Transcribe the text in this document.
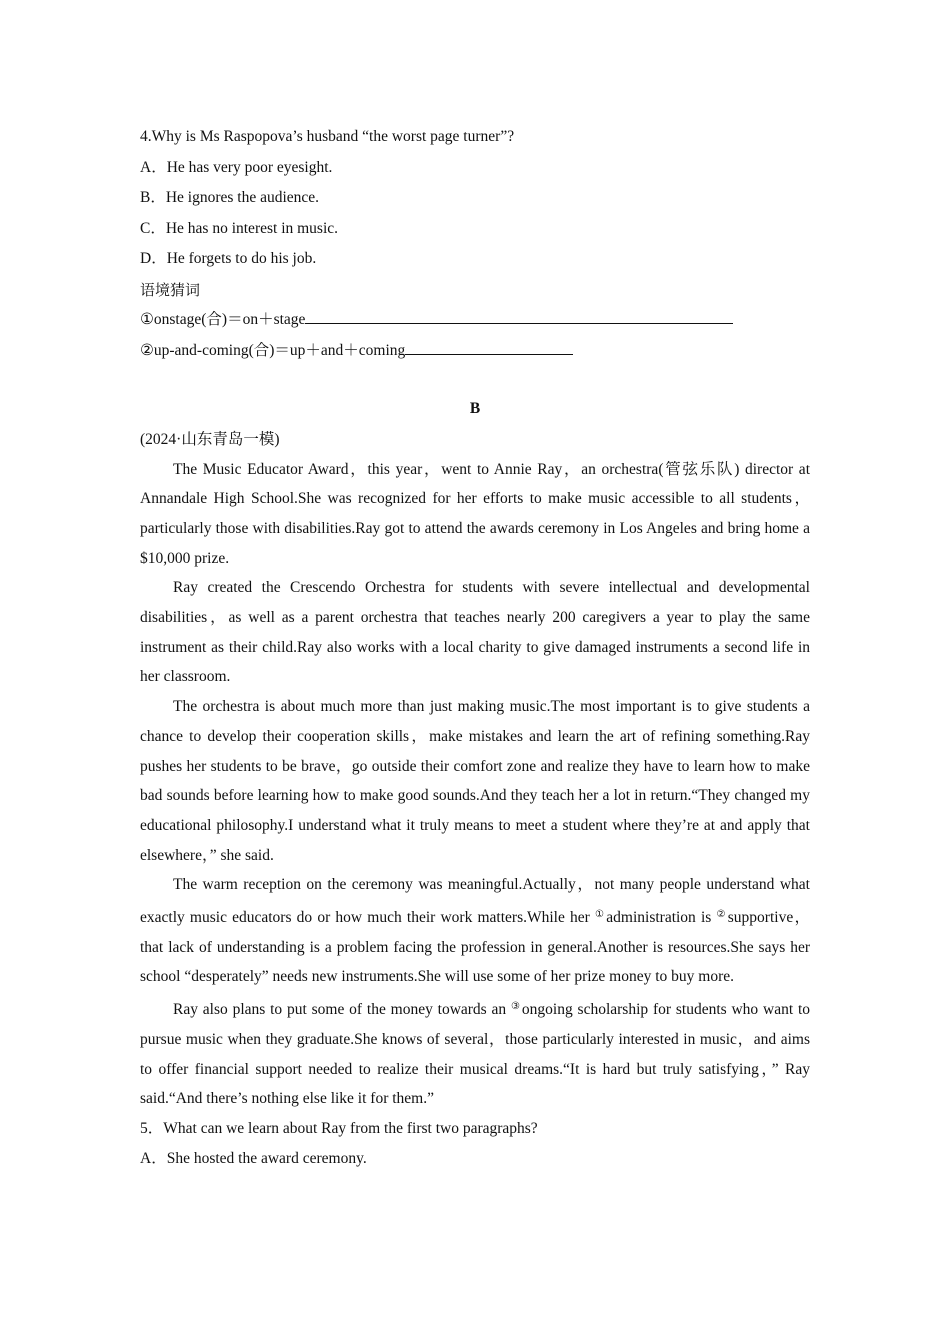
4.Why is Ms Raspopova’s husband “the worst page turner”?
A．He has very poor eyesight.
B．He ignores the audience.
C．He has no interest in music.
D．He forgets to do his job.
语境猜词
①onstage(合)＝on＋stage
②up-and-coming(合)＝up＋and＋coming
B
(2024·山东青岛一模)

The Music Educator Award，this year，went to Annie Ray，an orchestra(管弦乐队) director at Annandale High School.She was recognized for her efforts to make music accessible to all students，particularly those with disabilities.Ray got to attend the awards ceremony in Los Angeles and bring home a $10,000 prize.

Ray created the Crescendo Orchestra for students with severe intellectual and developmental disabilities，as well as a parent orchestra that teaches nearly 200 caregivers a year to play the same instrument as their child.Ray also works with a local charity to give damaged instruments a second life in her classroom.

The orchestra is about much more than just making music.The most important is to give students a chance to develop their cooperation skills，make mistakes and learn the art of refining something.Ray pushes her students to be brave，go outside their comfort zone and realize they have to learn how to make bad sounds before learning how to make good sounds.And they teach her a lot in return.“They changed my educational philosophy.I understand what it truly means to meet a student where they’re at and apply that elsewhere，” she said.

The warm reception on the ceremony was meaningful.Actually，not many people understand what exactly music educators do or how much their work matters.While her ①administration is ②supportive，that lack of understanding is a problem facing the profession in general.Another is resources.She says her school “desperately” needs new instruments.She will use some of her prize money to buy more.

Ray also plans to put some of the money towards an ③ongoing scholarship for students who want to pursue music when they graduate.She knows of several，those particularly interested in music，and aims to offer financial support needed to realize their musical dreams.“It is hard but truly satisfying，” Ray said.“And there’s nothing else like it for them.”

5．What can we learn about Ray from the first two paragraphs?
A．She hosted the award ceremony.
